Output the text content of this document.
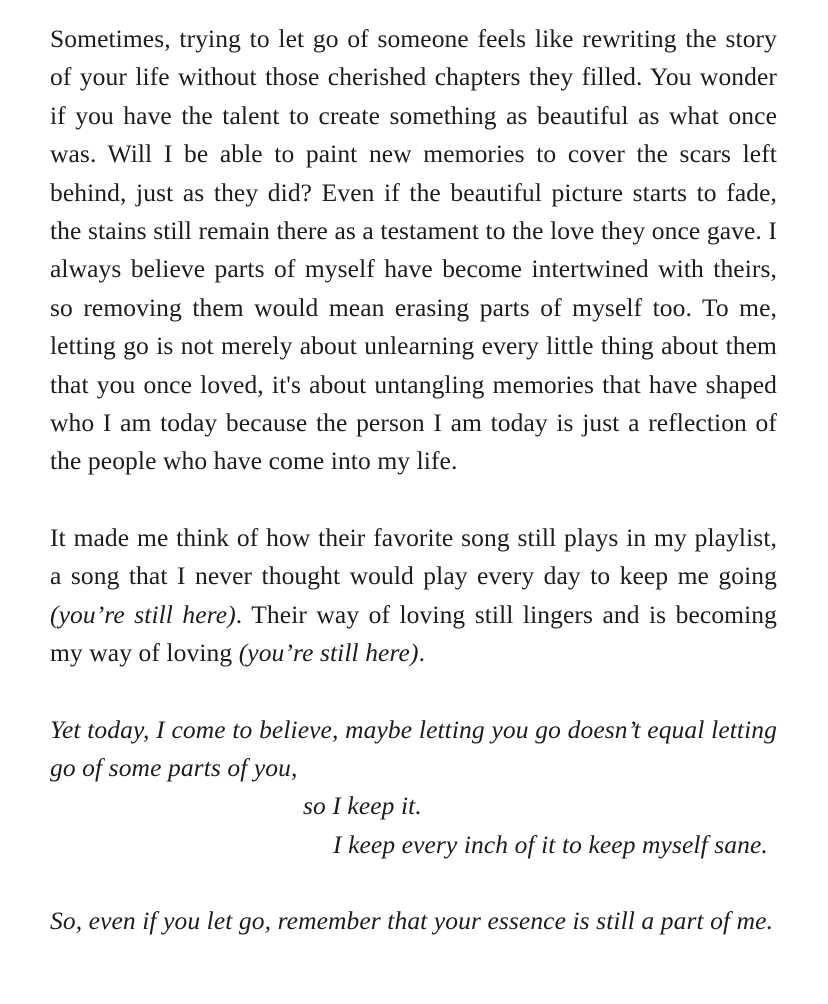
Sometimes, trying to let go of someone feels like rewriting the story of your life without those cherished chapters they filled. You wonder if you have the talent to create something as beautiful as what once was. Will I be able to paint new memories to cover the scars left behind, just as they did? Even if the beautiful picture starts to fade, the stains still remain there as a testament to the love they once gave. I always believe parts of myself have become intertwined with theirs, so removing them would mean erasing parts of myself too. To me, letting go is not merely about unlearning every little thing about them that you once loved, it's about untangling memories that have shaped who I am today because the person I am today is just a reflection of the people who have come into my life.

It made me think of how their favorite song still plays in my playlist, a song that I never thought would play every day to keep me going (you’re still here). Their way of loving still lingers and is becoming my way of loving (you’re still here).

Yet today, I come to believe, maybe letting you go doesn’t equal letting go of some parts of you,
so I keep it.
I keep every inch of it to keep myself sane.

So, even if you let go, remember that your essence is still a part of me.
